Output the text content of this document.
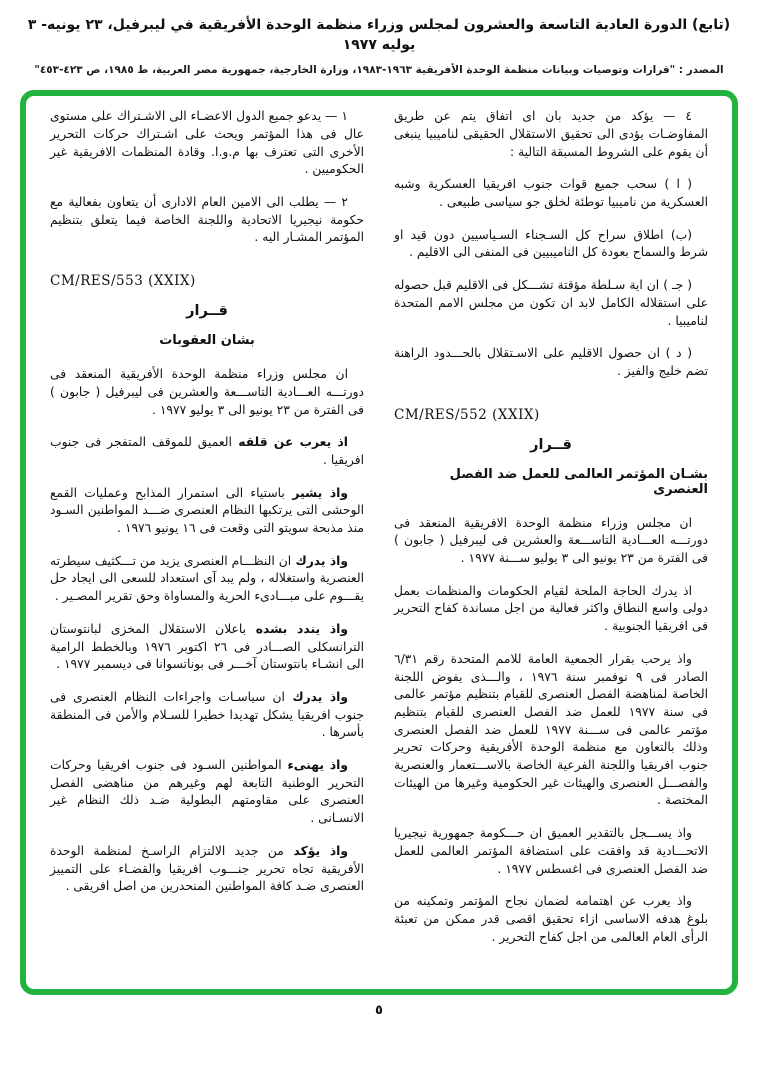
(تابع) الدورة العادية التاسعة والعشرون لمجلس وزراء منظمة الوحدة الأفريقية في ليبرفيل، ٢٣ يونيه- ٣ يوليه ١٩٧٧
المصدر : "قرارات وتوصيات وبيانات منظمة الوحدة الأفريقية ١٩٦٣-١٩٨٣، وزارة الخارجية، جمهورية مصر العربية، ط ١٩٨٥، ص ٤٢٣-٤٥٣"

٤ — يؤكد من جديد بان اى اتفاق يتم عن طريق المفاوضـات يؤدى الى تحقيق الاستقلال الحقيقى لناميبيا ينبغى أن يقوم على الشروط المسبقة التالية :

( ا ) سحب جميع قوات جنوب افريقيا العسكرية وشبه العسكرية من ناميبيا توطئة لخلق جو سياسى طبيعى .

(ب) اطلاق سراح كل السـجناء السـياسيين دون قيد او شرط والسماح بعودة كل الناميبيين فى المنفى الى الاقليم .

( جـ ) ان اية سـلطة مؤقتة تشـــكل فى الاقليم قبل حصوله على استقلاله الكامل لابد ان تكون من مجلس الامم المتحدة لناميبيا .

( د ) ان حصول الاقليم على الاسـتقلال بالحـــدود الراهنة تضم خليج والفيز .

CM/RES/552 (XXIX)

قــرار
بشـان المؤتمر العالمى للعمل ضد الفصل العنصرى

ان مجلس وزراء منظمة الوحدة الافريقية المنعقد فى دورتـــه العـــادية التاســـعة والعشرين فى ليبرفيل ( جابون ) فى الفترة من ٢٣ يونيو الى ٣ يوليو ســـنة ١٩٧٧ .

اذ يدرك الحاجة الملحة لقيام الحكومات والمنظمات بعمل دولى واسع النطاق واكثر فعالية من اجل مساندة كفاح التحرير فى افريقيا الجنوبية .

واذ يرحب بقرار الجمعية العامة للامم المتحدة رقم ٦/٣١ الصادر فى ٩ نوفمبر سنة ١٩٧٦ ، والـــذى يفوض اللجنة الخاصة لمناهضة الفصل العنصرى للقيام بتنظيم مؤتمر عالمى فى سنة ١٩٧٧ للعمل ضد الفصل العنصرى للقيام بتنظيم مؤتمر عالمى فى ســـنة ١٩٧٧ للعمل ضد الفصل العنصرى وذلك بالتعاون مع منظمة الوحدة الأفريقية وحركات تحرير جنوب افريقيا واللجنة الفرعية الخاصة بالاســـتعمار والعنصرية والفصـــل العنصرى والهيئات غير الحكومية وغيرها من الهيئات المختصة .

واذ يســـجل بالتقدير العميق ان حـــكومة جمهورية نيجيريا الاتحـــادية قد وافقت على استضافة المؤتمر العالمى للعمل ضد الفصل العنصرى فى اغسطس ١٩٧٧ .

واذ يعرب عن اهتمامه لضمان نجاح المؤتمر وتمكينه من بلوغ هدفه الاساسى ازاء تحقيق اقصى قدر ممكن من تعبئة الرأى العام العالمى من اجل كفاح التحرير .

١ — يدعو جميع الدول الاعضـاء الى الاشـتراك على مستوى عال فى هذا المؤتمر ويحث على اشـتراك حركات التحرير الأخرى التى تعترف بها م.و.ا. وقادة المنظمات الافريقية غير الحكوميين .

٢ — يطلب الى الامين العام الادارى أن يتعاون بفعالية مع حكومة نيجيريا الاتحادية واللجنة الخاصة فيما يتعلق بتنظيم المؤتمر المشـار اليه .

CM/RES/553 (XXIX)

قــرار
بشان العقوبات

ان مجلس وزراء منظمة الوحدة الأفريقية المنعقد فى دورتـــه العـــادية التاســـعة والعشرين فى ليبرفيل ( جابون ) فى الفترة من ٢٣ يونيو الى ٣ يوليو ١٩٧٧ .

اذ يعرب عن قلقه العميق للموقف المتفجر فى جنوب افريقيا .

واذ يشير باستياء الى استمرار المذابح وعمليات القمع الوحشى التى يرتكبها النظام العنصرى ضـــد المواطنين السـود منذ مذبحة سويتو التى وقعت فى ١٦ يونيو ١٩٧٦ .

واذ يدرك ان النظـــام العنصرى يزيد من تـــكثيف سيطرته العنصرية واستغلاله ، ولم يبد آى استعداد للسعى الى ايجاد حل يقـــوم على مبـــادىء الحرية والمساواة وحق تقرير المصـير .

واذ يندد بشده باعلان الاستقلال المخزى لبانتوستان الترانسكلى الصـــادر فى ٢٦ اكتوبر ١٩٧٦ وبالخطط الرامية الى انشـاء بانتوستان آخـــر فى بوناتسوانا فى ديسمبر ١٩٧٧ .

واذ يدرك ان سياسـات واجراءات النظام العنصرى فى جنوب افريقيا يشكل تهديدا خطيرا للسـلام والأمن فى المنطقة بأسرها .

واذ يهنىء المواطنين السـود فى جنوب افريقيا وحركات التحرير الوطنية التابعة لهم وغيرهم من مناهضى الفصل العنصرى على مقاومتهم البطولية ضـد ذلك النظام غير الانسـانى .

واذ يؤكد من جديد الالتزام الراسـخ لمنظمة الوحدة الأفريقية تجاه تحرير جنـــوب افريقيا والقضـاء على التمييز العنصرى ضـد كافة المواطنين المنحدرين من اصل افريقى .

٥
